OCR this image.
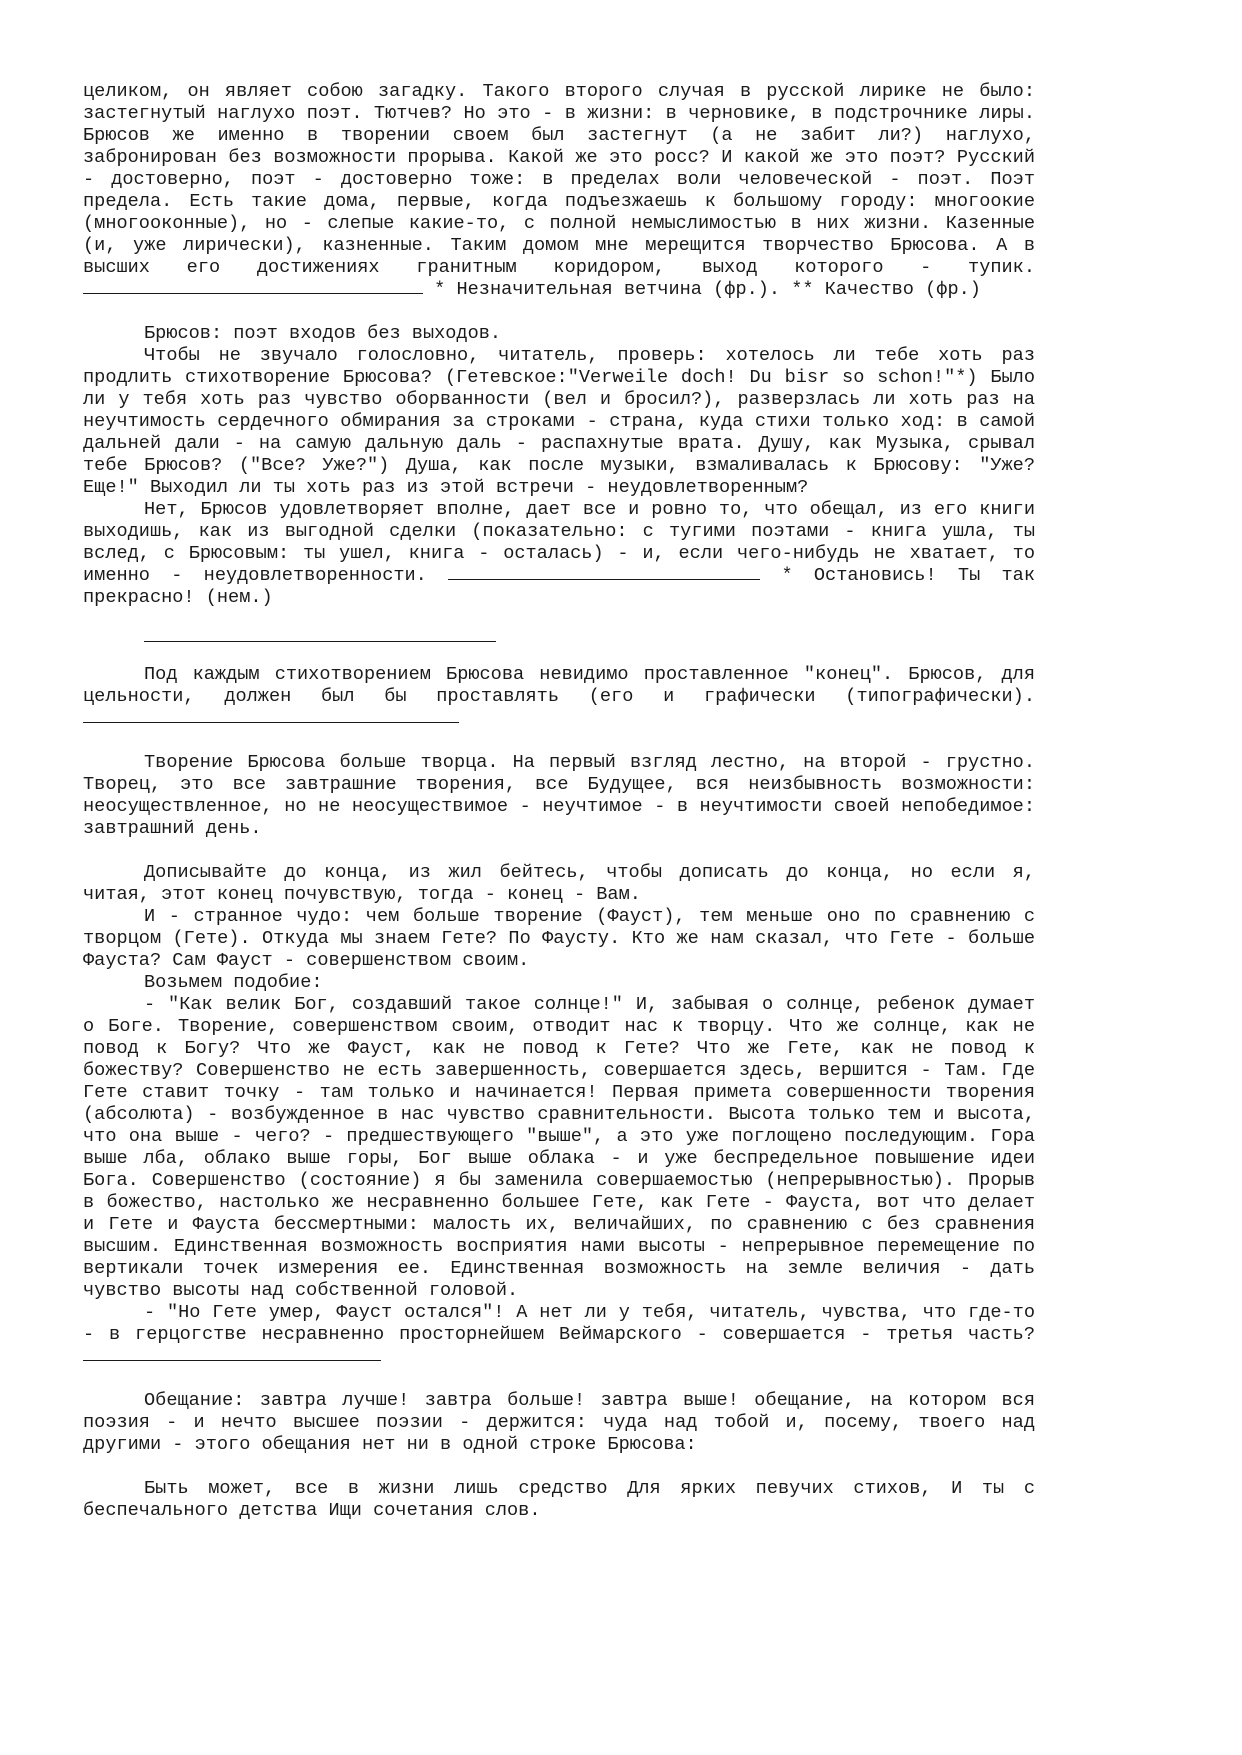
целиком, он являет собою загадку. Такого второго случая в русской лирике не было: застегнутый наглухо поэт. Тютчев? Но это - в жизни: в черновике, в подстрочнике лиры. Брюсов же именно в творении своем был застегнут (а не забит ли?) наглухо, забронирован без возможности прорыва. Какой же это росс? И какой же это поэт? Русский - достоверно, поэт - достоверно тоже: в пределах воли человеческой - поэт. Поэт предела. Есть такие дома, первые, когда подъезжаешь к большому городу: многоокие (многооконные), но - слепые какие-то, с полной немыслимостью в них жизни. Казенные (и, уже лирически), казненные. Таким домом мне мерещится творчество Брюсова. А в высших его достижениях гранитным коридором, выход которого - тупик.  * Незначительная ветчина (фр.). ** Качество (фр.)

Брюсов: поэт входов без выходов.

Чтобы не звучало голословно, читатель, проверь: хотелось ли тебе хоть раз продлить стихотворение Брюсова? (Гетевское:"Verweile doch! Du bisr so schon!"*) Было ли у тебя хоть раз чувство оборванности (вел и бросил?), разверзлась ли хоть раз на неучтимость сердечного обмирания за строками - страна, куда стихи только ход: в самой дальней дали - на самую дальную даль - распахнутые врата. Душу, как Музыка, срывал тебе Брюсов? ("Все? Уже?") Душа, как после музыки, взмаливалась к Брюсову: "Уже? Еще!" Выходил ли ты хоть раз из этой встречи - неудовлетворенным?

Нет, Брюсов удовлетворяет вполне, дает все и ровно то, что обещал, из его книги выходишь, как из выгодной сделки (показательно: с тугими поэтами - книга ушла, ты вслед, с Брюсовым: ты ушел, книга - осталась) - и, если чего-нибудь не хватает, то именно - неудовлетворенности.	* Остановись! Ты так прекрасно! (нем.)

Под каждым стихотворением Брюсова невидимо проставленное "конец". Брюсов, для цельности, должен был бы проставлять (его и графически (типографически).

Творение Брюсова больше творца. На первый взгляд лестно, на второй - грустно. Творец, это все завтрашние творения, все Будущее, вся неизбывность возможности: неосуществленное, но не неосуществимое - неучтимое - в неучтимости своей непобедимое: завтрашний день.

Дописывайте до конца, из жил бейтесь, чтобы дописать до конца, но если я, читая, этот конец почувствую, тогда - конец - Вам.

И - странное чудо: чем больше творение (Фауст), тем меньше оно по сравнению с творцом (Гете). Откуда мы знаем Гете? По Фаусту. Кто же нам сказал, что Гете - больше Фауста? Сам Фауст - совершенством своим.

Возьмем подобие:

- "Как велик Бог, создавший такое солнце!" И, забывая о солнце, ребенок думает о Боге. Творение, совершенством своим, отводит нас к творцу. Что же солнце, как не повод к Богу? Что же Фауст, как не повод к Гете? Что же Гете, как не повод к божеству? Совершенство не есть завершенность, совершается здесь, вершится - Там. Где Гете ставит точку - там только и начинается! Первая примета совершенности творения (абсолюта) - возбужденное в нас чувство сравнительности. Высота только тем и высота, что она выше - чего? - предшествующего "выше", а это уже поглощено последующим. Гора выше лба, облако выше горы, Бог выше облака - и уже беспредельное повышение идеи Бога. Совершенство (состояние) я бы заменила совершаемостью (непрерывностью). Прорыв в божество, настолько же несравненно большее Гете, как Гете - Фауста, вот что делает и Гете и Фауста бессмертными: малость их, величайших, по сравнению с без сравнения высшим. Единственная возможность восприятия нами высоты - непрерывное перемещение по вертикали точек измерения ее. Единственная возможность на земле величия - дать чувство высоты над собственной головой.

- "Но Гете умер, Фауст остался"! А нет ли у тебя, читатель, чувства, что где-то - в герцогстве несравненно просторнейшем Веймарского - совершается - третья часть?

Обещание: завтра лучше! завтра больше! завтра выше! обещание, на котором вся поэзия - и нечто высшее поэзии - держится: чуда над тобой и, посему, твоего над другими - этого обещания нет ни в одной строке Брюсова:

Быть может, все в жизни лишь средство Для ярких певучих стихов, И ты с беспечального детства Ищи сочетания слов.
